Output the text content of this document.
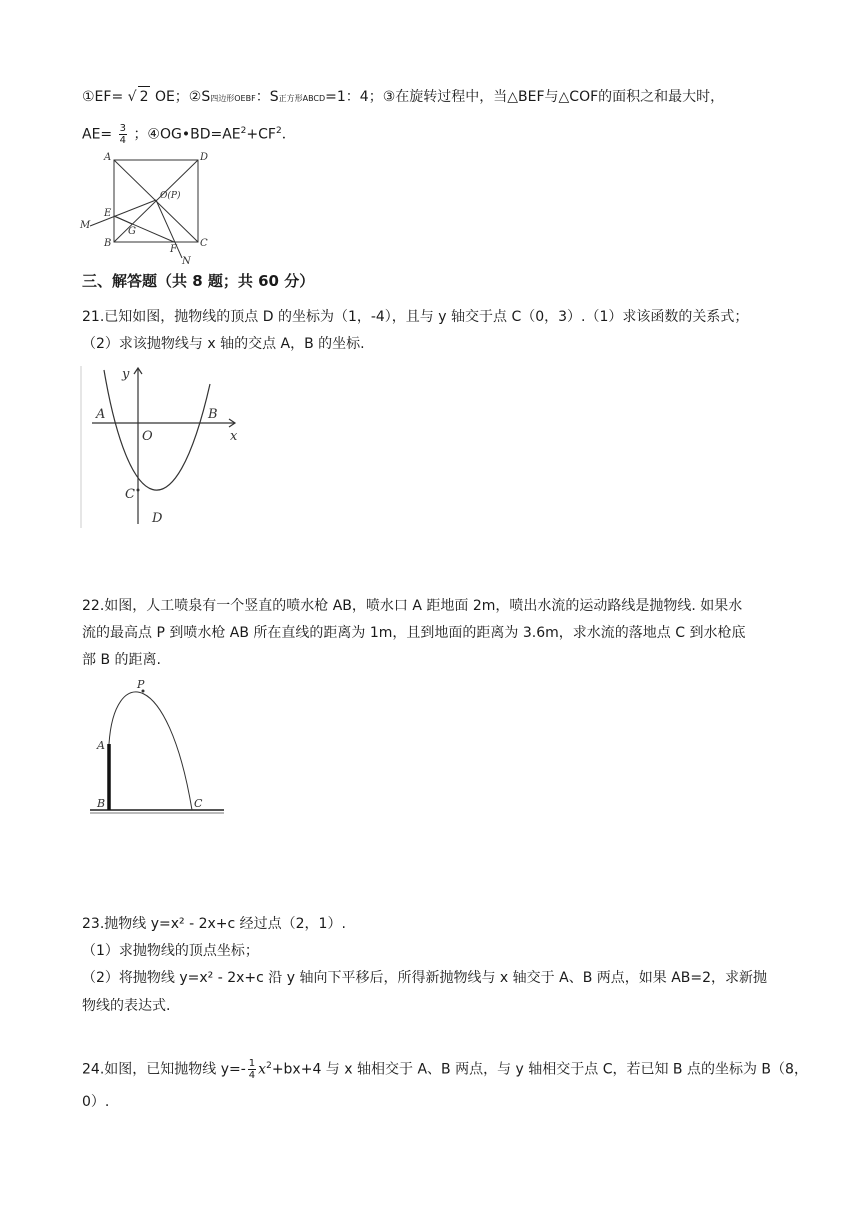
①EF= √ 2 OE；②S四边形OEBF：S正方形ABCD=1：4；③在旋转过程中，当△BEF与△COF的面积之和最大时，
$AE= \frac{3}{4}$ ；$④OG•BD=AE^2+CF^2$．
A	D
O(P)
M
E
G
B
F
C
N
三、解答题（共 8 题；共 60 分）
21.已知如图，抛物线的顶点 D 的坐标为（1，-4），且与 y 轴交于点 C（0，3）.（1）求该函数的关系式；
（2）求该抛物线与 x 轴的交点 A，B 的坐标.
y
x
A	B
O
C
D
22.如图，人工喷泉有一个竖直的喷水枪 AB，喷水口 A 距地面 2m，喷出水流的运动路线是抛物线. 如果水
流的最高点 P 到喷水枪 AB 所在直线的距离为 1m，且到地面的距离为 3.6m，求水流的落地点 C 到水枪底
部 B 的距离.
P
A
B	C
23.抛物线 y=x² ‑ 2x+c 经过点（2，1）.
（1）求抛物线的顶点坐标；
（2）将抛物线 y=x² ‑ 2x+c 沿 y 轴向下平移后，所得新抛物线与 x 轴交于 A、B 两点，如果 AB=2，求新抛
物线的表达式.
24.如图，已知抛物线 $y=- \frac{1}{4} x^2+bx+4$ 与 x 轴相交于 A、B 两点，与 y 轴相交于点 C，若已知 B 点的坐标为 B（8，
0）.
